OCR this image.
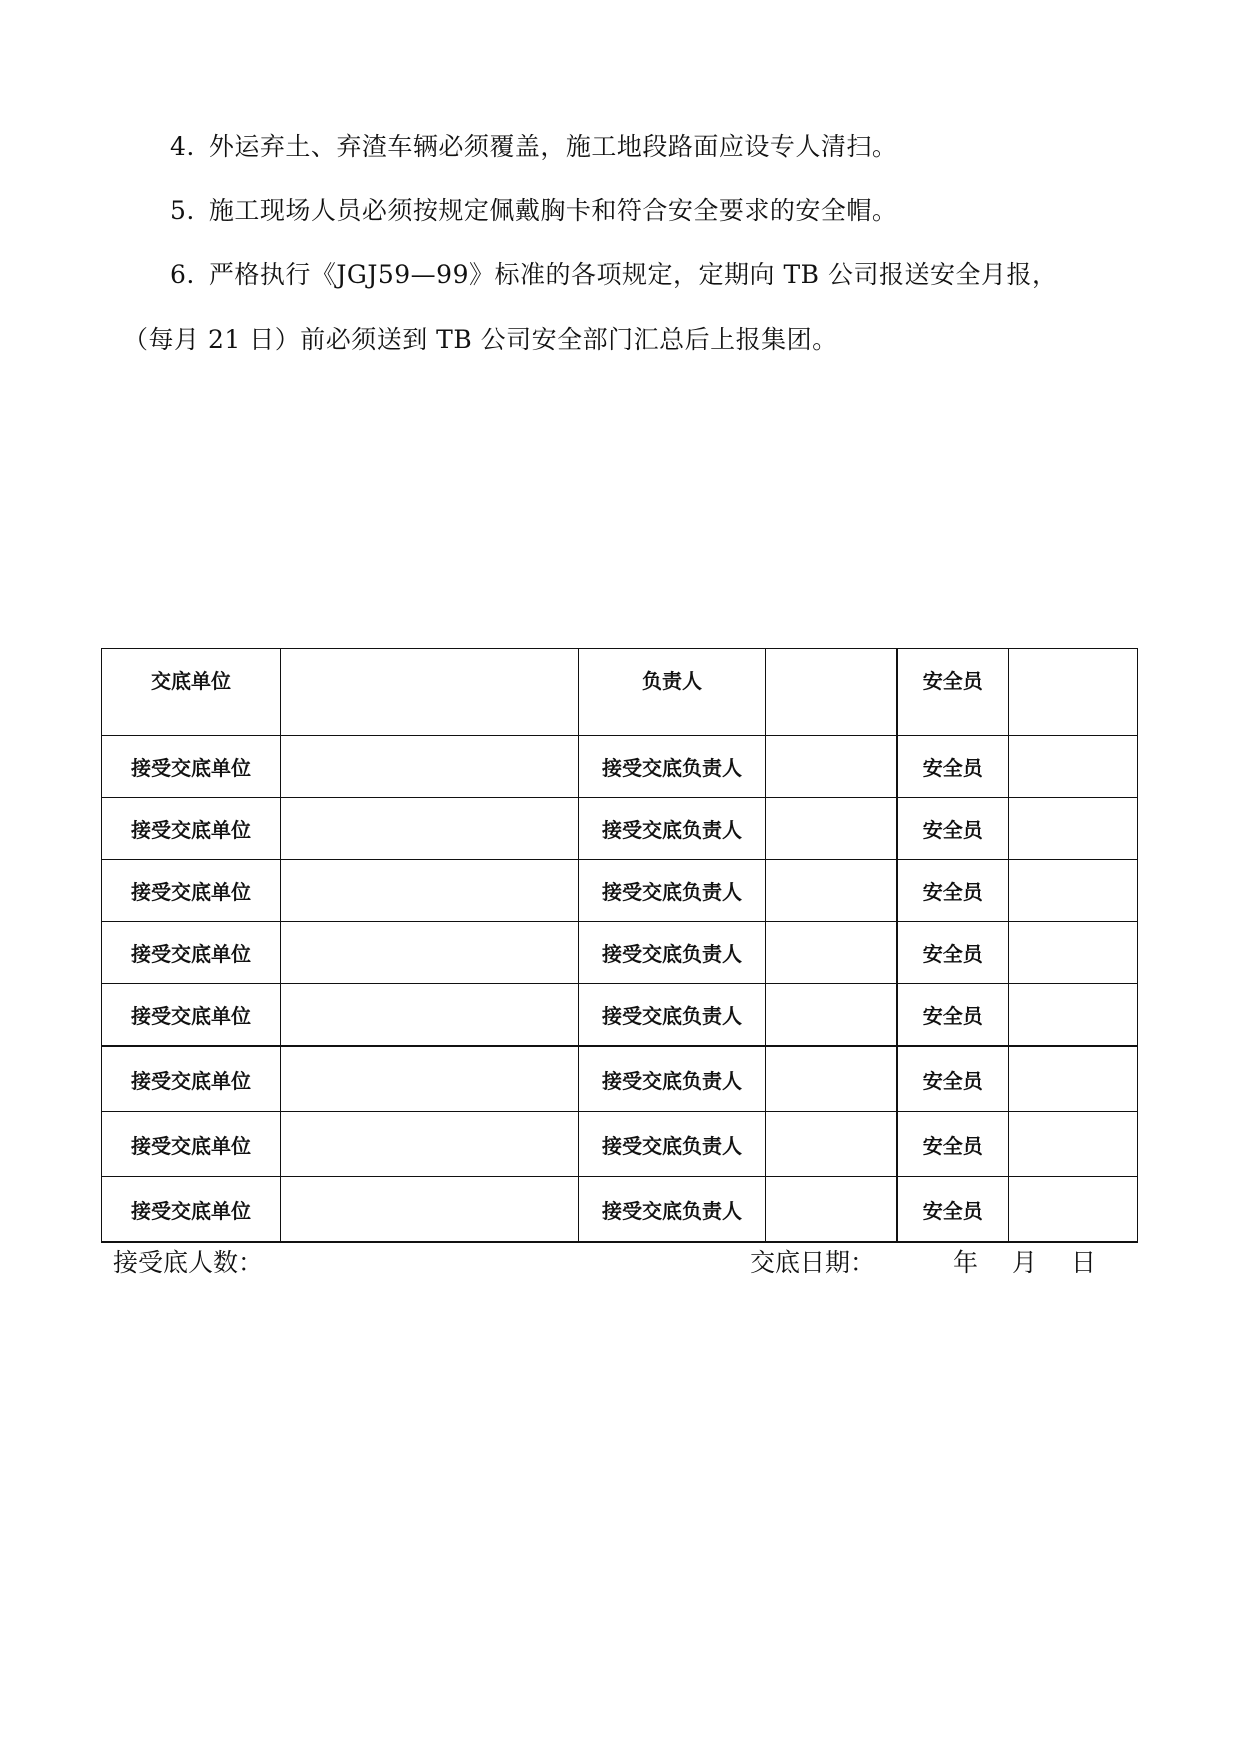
4. 外运弃土、弃渣车辆必须覆盖，施工地段路面应设专人清扫。
5. 施工现场人员必须按规定佩戴胸卡和符合安全要求的安全帽。
6. 严格执行《JGJ59—99》标准的各项规定，定期向 TB 公司报送安全月报，
（每月 21 日）前必须送到 TB 公司安全部门汇总后上报集团。
交底单位		负责人		安全员	
接受交底单位		接受交底负责人		安全员	
接受交底单位		接受交底负责人		安全员	
接受交底单位		接受交底负责人		安全员	
接受交底单位		接受交底负责人		安全员	
接受交底单位		接受交底负责人		安全员	
接受交底单位		接受交底负责人		安全员	
接受交底单位		接受交底负责人		安全员	
接受交底单位		接受交底负责人		安全员	
接受底人数：	交底日期：	年 月 日
